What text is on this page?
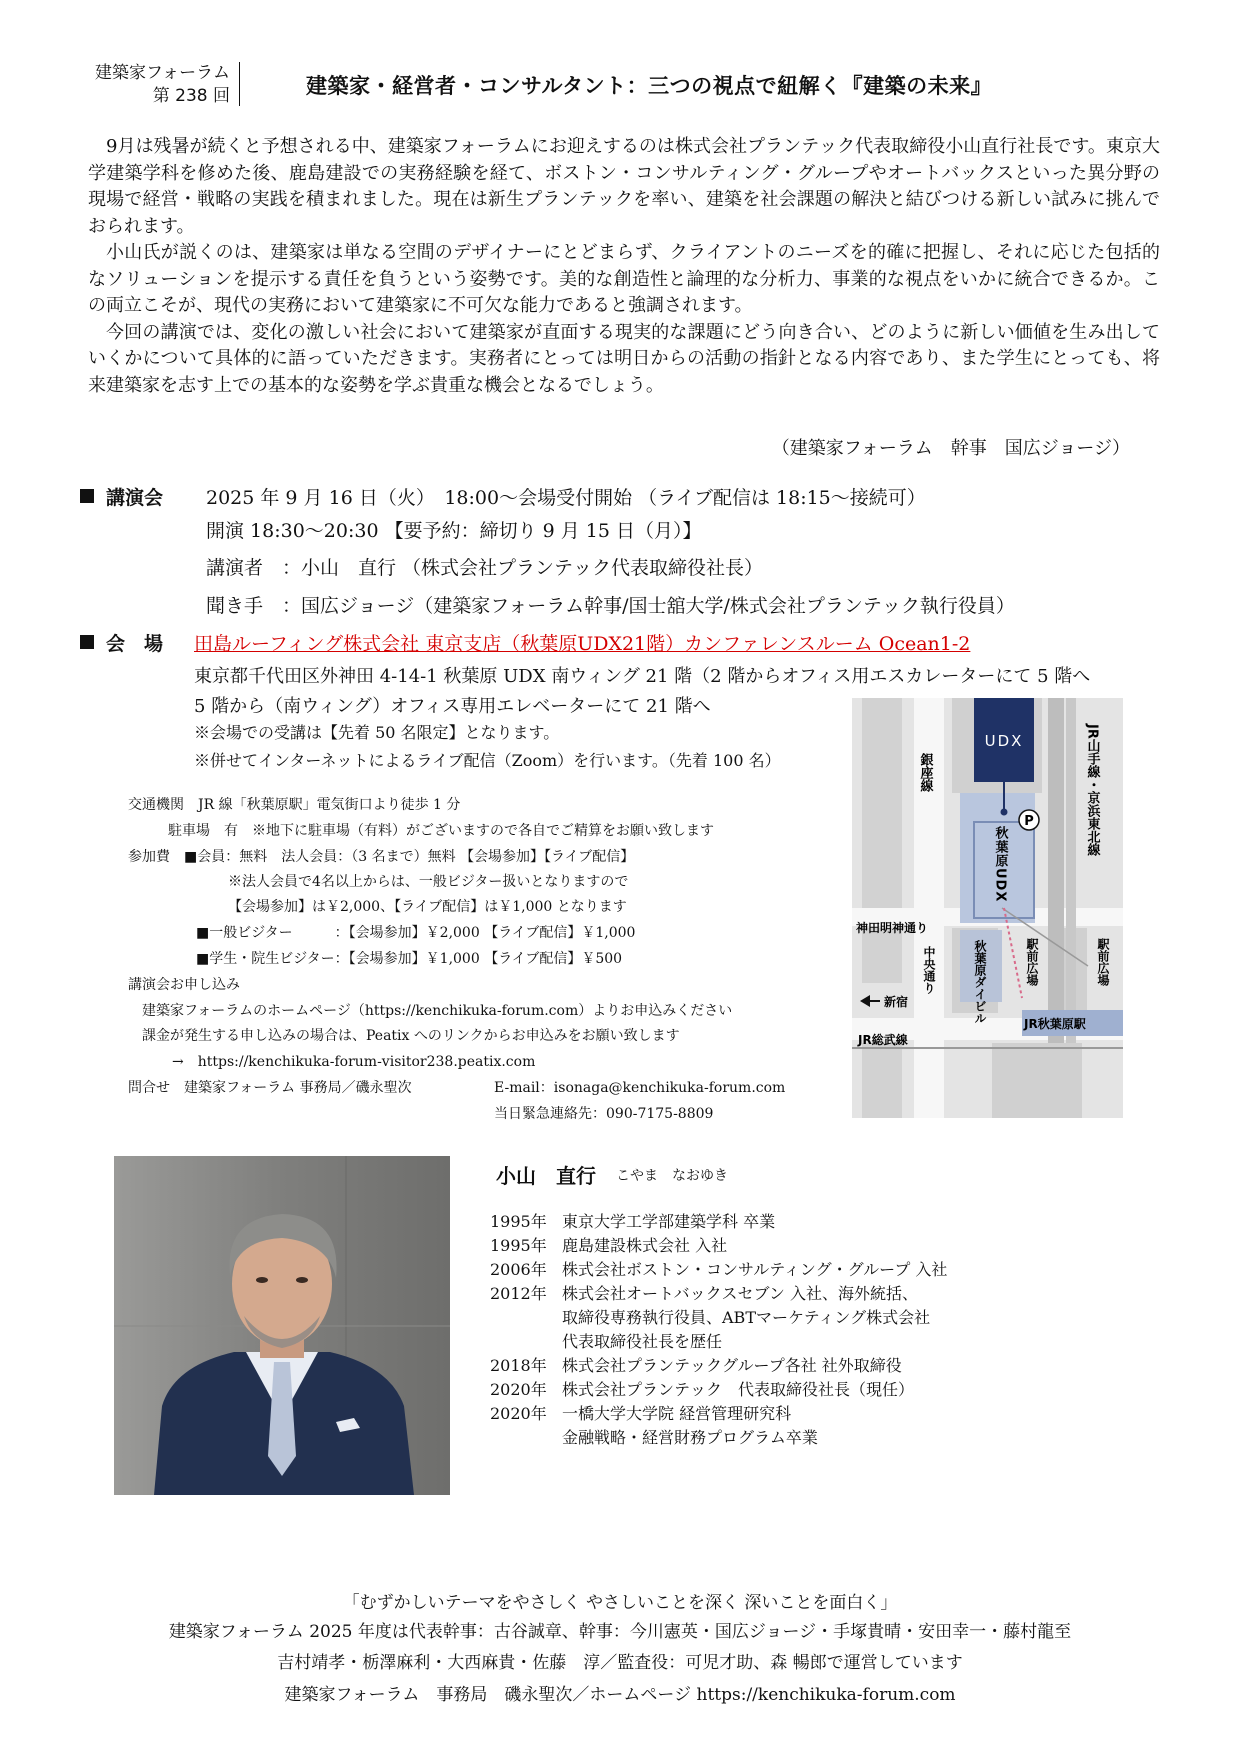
建築家フォーラム
第 238 回	建築家・経営者・コンサルタント：三つの視点で紐解く『建築の未来』

9月は残暑が続くと予想される中、建築家フォーラムにお迎えするのは株式会社プランテック代表取締役小山直行社長です。東京大学建築学科を修めた後、鹿島建設での実務経験を経て、ボストン・コンサルティング・グループやオートバックスといった異分野の現場で経営・戦略の実践を積まれました。現在は新生プランテックを率い、建築を社会課題の解決と結びつける新しい試みに挑んでおられます。

小山氏が説くのは、建築家は単なる空間のデザイナーにとどまらず、クライアントのニーズを的確に把握し、それに応じた包括的なソリューションを提示する責任を負うという姿勢です。美的な創造性と論理的な分析力、事業的な視点をいかに統合できるか。この両立こそが、現代の実務において建築家に不可欠な能力であると強調されます。

今回の講演では、変化の激しい社会において建築家が直面する現実的な課題にどう向き合い、どのように新しい価値を生み出していくかについて具体的に語っていただきます。実務者にとっては明日からの活動の指針となる内容であり、また学生にとっても、将来建築家を志す上での基本的な姿勢を学ぶ貴重な機会となるでしょう。

（建築家フォーラム　幹事　国広ジョージ）
講演会 2025 年 9 月 16 日（火）　18:00～会場受付開始 （ライブ配信は 18:15～接続可）
開演 18:30～20:30 【要予約：締切り 9 月 15 日（月）】
講演者　：小山　直行 （株式会社プランテック代表取締役社長）
聞き手　：国広ジョージ（建築家フォーラム幹事/国士舘大学/株式会社プランテック執行役員）
会　場 田島ルーフィング株式会社 東京支店（秋葉原UDX21階）カンファレンスルーム Ocean1-2
東京都千代田区外神田 4-14-1 秋葉原 UDX 南ウィング 21 階（2 階からオフィス用エスカレーターにて 5 階へ
5 階から（南ウィング）オフィス専用エレベーターにて 21 階へ
※会場での受講は【先着 50 名限定】となります。
※併せてインターネットによるライブ配信（Zoom）を行います。（先着 100 名）
交通機関　JR 線「秋葉原駅」電気街口より徒歩 1 分
駐車場　有　※地下に駐車場（有料）がございますので各自でご精算をお願い致します
参加費　■会員：無料　法人会員：（3 名まで）無料 【会場参加】【ライブ配信】
※法人会員で4名以上からは、一般ビジター扱いとなりますので
【会場参加】は￥2,000、【ライブ配信】は￥1,000 となります
■一般ビジター　　　：【会場参加】￥2,000 【ライブ配信】￥1,000
■学生・院生ビジター：【会場参加】￥1,000 【ライブ配信】￥500
講演会お申し込み
建築家フォーラムのホームページ（https://kenchikuka-forum.com）よりお申込みください
課金が発生する申し込みの場合は、Peatix へのリンクからお申込みをお願い致します
→　https://kenchikuka-forum-visitor238.peatix.com
問合せ　建築家フォーラム 事務局／磯永聖次	E-mail：isonaga@kenchikuka-forum.com
当日緊急連絡先：090-7175-8809
UDX
P
秋葉原UDX
JR山手線・京浜東北線
銀座線
神田明神通り
中央通り	秋葉原ダイビル	駅前広場	駅前広場
新宿
JR秋葉原駅
JR総武線
小山　直行 こやま　なおゆき
1995年 東京大学工学部建築学科 卒業
1995年 鹿島建設株式会社 入社
2006年 株式会社ボストン・コンサルティング・グループ 入社
2012年 株式会社オートバックスセブン 入社、海外統括、
取締役専務執行役員、ABTマーケティング株式会社
代表取締役社長を歴任
2018年 株式会社プランテックグループ各社 社外取締役
2020年 株式会社プランテック　代表取締役社長（現任）
2020年 一橋大学大学院 経営管理研究科
金融戦略・経営財務プログラム卒業
「むずかしいテーマをやさしく やさしいことを深く 深いことを面白く」
建築家フォーラム 2025 年度は代表幹事：古谷誠章、幹事：今川憲英・国広ジョージ・手塚貴晴・安田幸一・藤村龍至
吉村靖孝・栃澤麻利・大西麻貴・佐藤　淳／監査役：可児才助、森 暢郎で運営しています
建築家フォーラム　事務局　磯永聖次／ホームページ https://kenchikuka-forum.com
